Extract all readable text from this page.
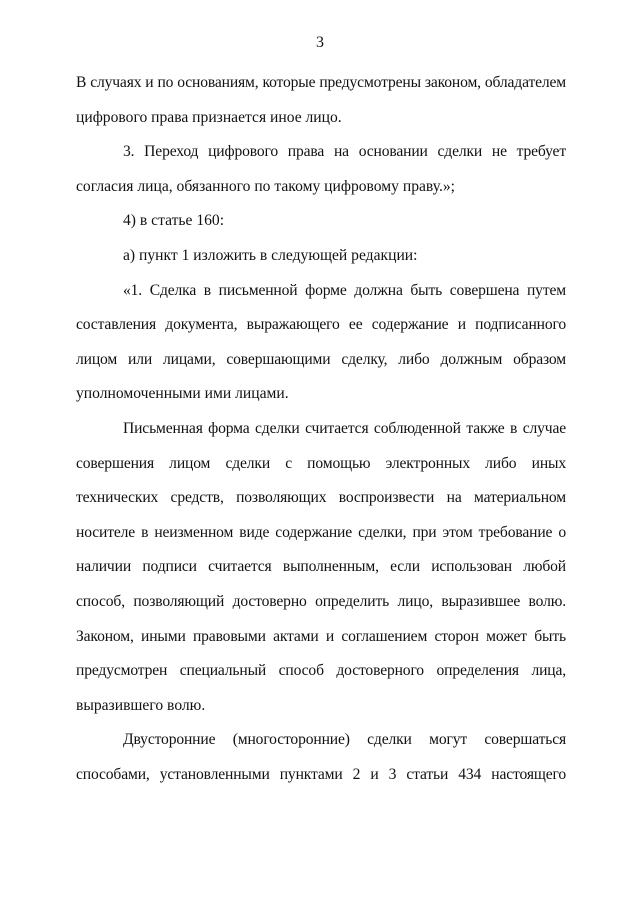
3
В случаях и по основаниям, которые предусмотрены законом, обладателем
цифрового права признается иное лицо.
3. Переход цифрового права на основании сделки не требует
согласия лица, обязанного по такому цифровому праву.»;
4) в статье 160:
а) пункт 1 изложить в следующей редакции:
«1. Сделка в письменной форме должна быть совершена путем
составления документа, выражающего ее содержание и подписанного
лицом или лицами, совершающими сделку, либо должным образом
уполномоченными ими лицами.
Письменная форма сделки считается соблюденной также в случае
совершения лицом сделки с помощью электронных либо иных
технических средств, позволяющих воспроизвести на материальном
носителе в неизменном виде содержание сделки, при этом требование о
наличии подписи считается выполненным, если использован любой
способ, позволяющий достоверно определить лицо, выразившее волю.
Законом, иными правовыми актами и соглашением сторон может быть
предусмотрен специальный способ достоверного определения лица,
выразившего волю.
Двусторонние (многосторонние) сделки могут совершаться
способами, установленными пунктами 2 и 3 статьи 434 настоящего
